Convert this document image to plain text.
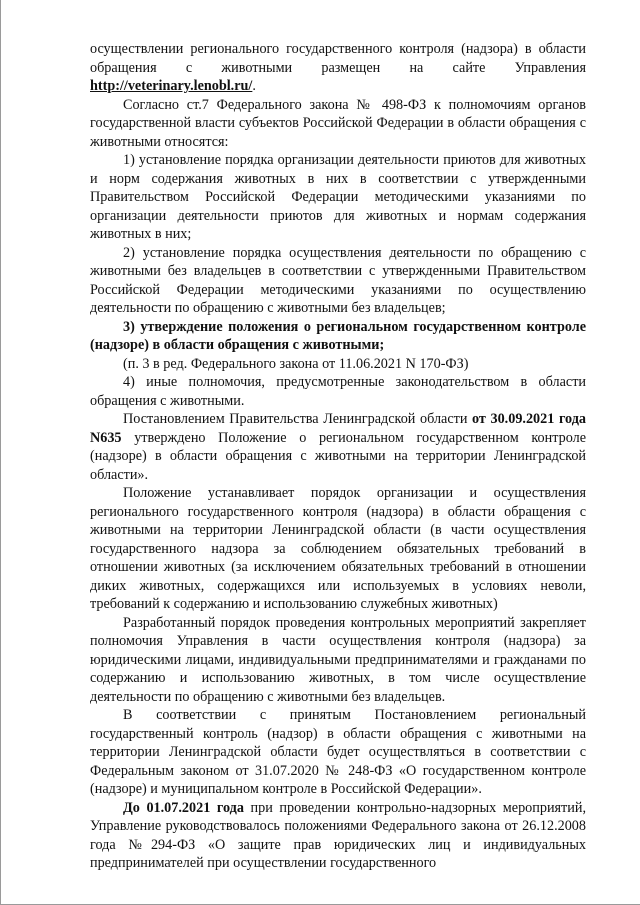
осуществлении регионального государственного контроля (надзора) в области обращения с животными размещен на сайте Управления http://veterinary.lenobl.ru/.

Согласно ст.7 Федерального закона № 498-ФЗ к полномочиям органов государственной власти субъектов Российской Федерации в области обращения с животными относятся:

1) установление порядка организации деятельности приютов для животных и норм содержания животных в них в соответствии с утвержденными Правительством Российской Федерации методическими указаниями по организации деятельности приютов для животных и нормам содержания животных в них;

2) установление порядка осуществления деятельности по обращению с животными без владельцев в соответствии с утвержденными Правительством Российской Федерации методическими указаниями по осуществлению деятельности по обращению с животными без владельцев;

3) утверждение положения о региональном государственном контроле (надзоре) в области обращения с животными;

(п. 3 в ред. Федерального закона от 11.06.2021 N 170-ФЗ)

4) иные полномочия, предусмотренные законодательством в области обращения с животными.

Постановлением Правительства Ленинградской области от 30.09.2021 года N635 утверждено Положение о региональном государственном контроле (надзоре) в области обращения с животными на территории Ленинградской области».

Положение устанавливает порядок организации и осуществления регионального государственного контроля (надзора) в области обращения с животными на территории Ленинградской области (в части осуществления государственного надзора за соблюдением обязательных требований в отношении животных (за исключением обязательных требований в отношении диких животных, содержащихся или используемых в условиях неволи, требований к содержанию и использованию служебных животных)

Разработанный порядок проведения контрольных мероприятий закрепляет полномочия Управления в части осуществления контроля (надзора) за юридическими лицами, индивидуальными предпринимателями и гражданами по содержанию и использованию животных, в том числе осуществление деятельности по обращению с животными без владельцев.

В соответствии с принятым Постановлением региональный государственный контроль (надзор) в области обращения с животными на территории Ленинградской области будет осуществляться в соответствии с Федеральным законом от 31.07.2020 № 248-ФЗ «О государственном контроле (надзоре) и муниципальном контроле в Российской Федерации».

До 01.07.2021 года при проведении контрольно-надзорных мероприятий, Управление руководствовалось положениями Федерального закона от 26.12.2008 года №294-ФЗ «О защите прав юридических лиц и индивидуальных предпринимателей при осуществлении государственного
